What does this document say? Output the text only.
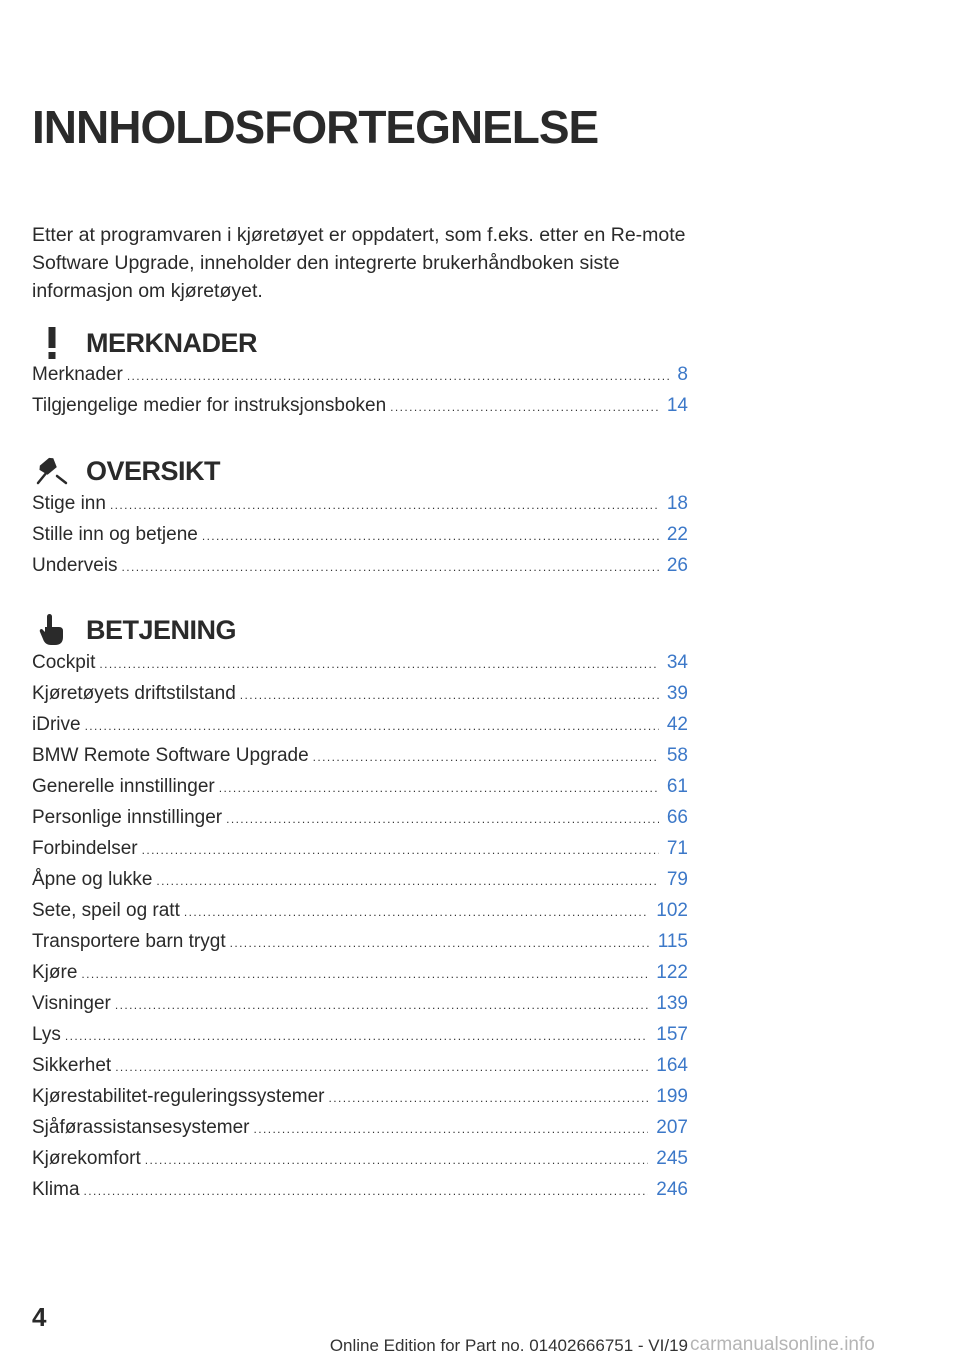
INNHOLDSFORTEGNELSE

Etter at programvaren i kjøretøyet er oppdatert, som f.eks. etter en Re-mote Software Upgrade, inneholder den integrerte brukerhåndboken siste informasjon om kjøretøyet.

MERKNADER
Merknader .....	8
Tilgjengelige medier for instruksjonsboken .....	14
OVERSIKT
Stige inn .....	18
Stille inn og betjene .....	22
Underveis .....	26
BETJENING
Cockpit .....	34
Kjøretøyets driftstilstand .....	39
iDrive .....	42
BMW Remote Software Upgrade .....	58
Generelle innstillinger .....	61
Personlige innstillinger .....	66
Forbindelser .....	71
Åpne og lukke .....	79
Sete, speil og ratt .....	102
Transportere barn trygt .....	115
Kjøre .....	122
Visninger .....	139
Lys .....	157
Sikkerhet .....	164
Kjørestabilitet-reguleringssystemer .....	199
Sjåførassistansesystemer .....	207
Kjørekomfort .....	245
Klima .....	246
4
Online Edition for Part no. 01402666751 - VI/19 carmanualsonline.info
